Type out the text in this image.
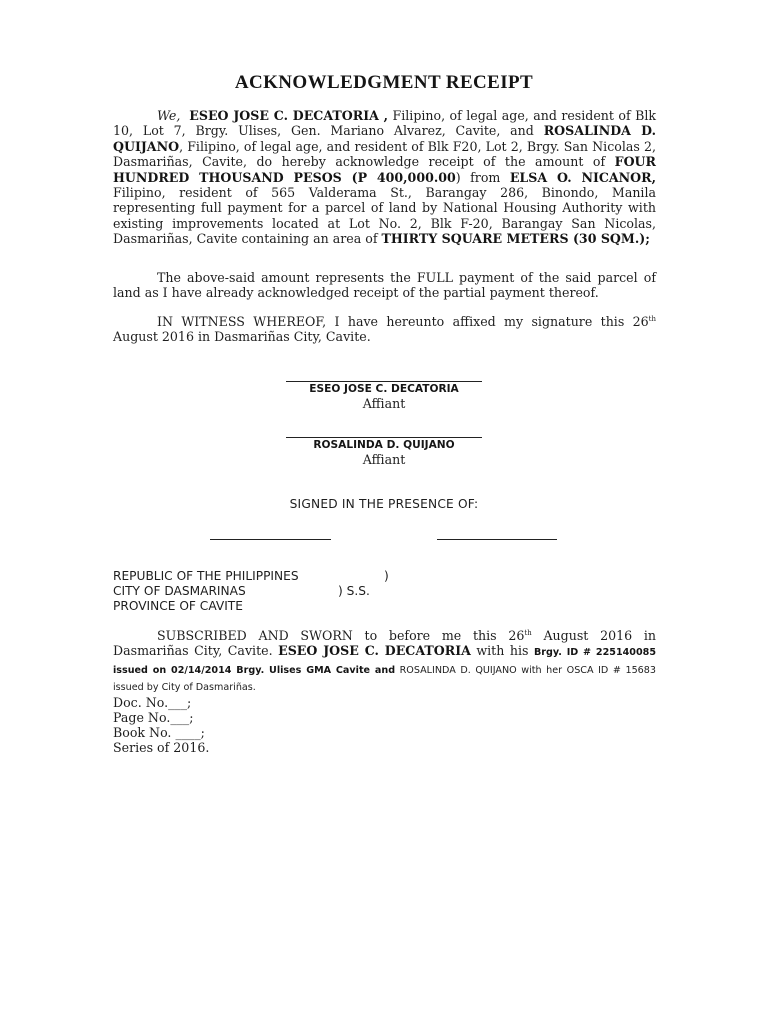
ACKNOWLEDGMENT RECEIPT

We, ESEO JOSE C. DECATORIA , Filipino, of legal age, and resident of Blk 10, Lot 7, Brgy. Ulises, Gen. Mariano Alvarez, Cavite, and ROSALINDA D. QUIJANO, Filipino, of legal age, and resident of Blk F20, Lot 2, Brgy. San Nicolas 2, Dasmariñas, Cavite, do hereby acknowledge receipt of the amount of FOUR HUNDRED THOUSAND PESOS (P 400,000.00) from ELSA O. NICANOR, Filipino, resident of 565 Valderama St., Barangay 286, Binondo, Manila representing full payment for a parcel of land by National Housing Authority with existing improvements located at Lot No. 2, Blk F-20, Barangay San Nicolas, Dasmariñas, Cavite containing an area of THIRTY SQUARE METERS (30 SQM.);

The above-said amount represents the FULL payment of the said parcel of land as I have already acknowledged receipt of the partial payment thereof.

IN WITNESS WHEREOF, I have hereunto affixed my signature this 26th August 2016 in Dasmariñas City, Cavite.

ESEO JOSE C. DECATORIA

Affiant

ROSALINDA D. QUIJANO

Affiant

SIGNED IN THE PRESENCE OF:

REPUBLIC OF THE PHILIPPINES	)
CITY OF DASMARINAS	) S.S.
PROVINCE OF CAVITE

SUBSCRIBED AND SWORN to before me this 26th August 2016 in Dasmariñas City, Cavite. ESEO JOSE C. DECATORIA with his Brgy. ID # 225140085 issued on 02/14/2014 Brgy. Ulises GMA Cavite and ROSALINDA D. QUIJANO with her OSCA ID # 15683 issued by City of Dasmariñas.

Doc. No.___;
Page No.___;
Book No. ____;
Series of 2016.
